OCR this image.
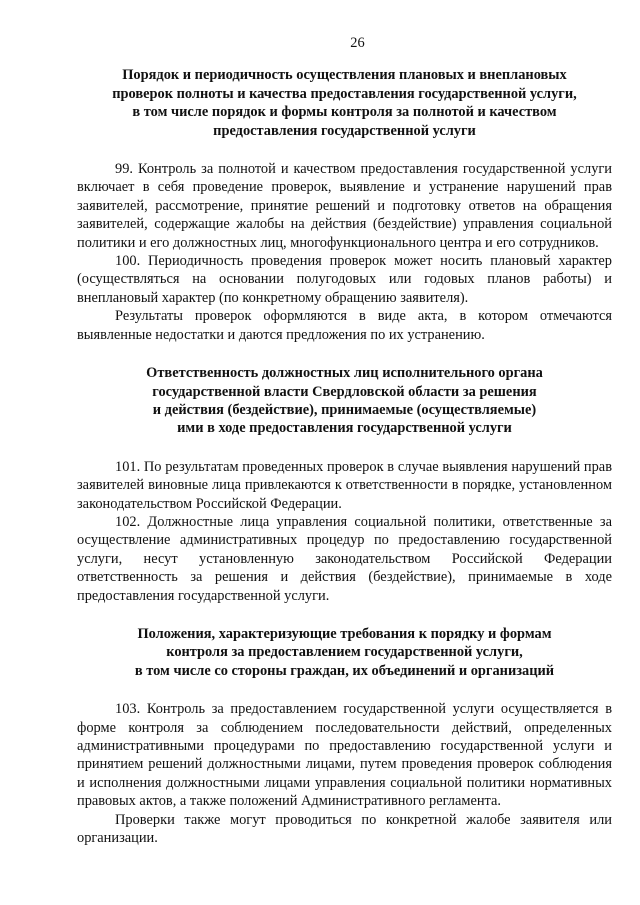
26
Порядок и периодичность осуществления плановых и внеплановых
проверок полноты и качества предоставления государственной услуги,
в том числе порядок и формы контроля за полнотой и качеством
предоставления государственной услуги

99. Контроль за полнотой и качеством предоставления государственной услуги включает в себя проведение проверок, выявление и устранение нарушений прав заявителей, рассмотрение, принятие решений и подготовку ответов на обращения заявителей, содержащие жалобы на действия (бездействие) управления социальной политики и его должностных лиц, многофункционального центра и его сотрудников.

100. Периодичность проведения проверок может носить плановый характер (осуществляться на основании полугодовых или годовых планов работы) и внеплановый характер (по конкретному обращению заявителя).

Результаты проверок оформляются в виде акта, в котором отмечаются выявленные недостатки и даются предложения по их устранению.

Ответственность должностных лиц исполнительного органа
государственной власти Свердловской области за решения
и действия (бездействие), принимаемые (осуществляемые)
ими в ходе предоставления государственной услуги

101. По результатам проведенных проверок в случае выявления нарушений прав заявителей виновные лица привлекаются к ответственности в порядке, установленном законодательством Российской Федерации.

102. Должностные лица управления социальной политики, ответственные за осуществление административных процедур по предоставлению государственной услуги, несут установленную законодательством Российской Федерации ответственность за решения и действия (бездействие), принимаемые в ходе предоставления государственной услуги.

Положения, характеризующие требования к порядку и формам
контроля за предоставлением государственной услуги,
в том числе со стороны граждан, их объединений и организаций

103. Контроль за предоставлением государственной услуги осуществляется в форме контроля за соблюдением последовательности действий, определенных административными процедурами по предоставлению государственной услуги и принятием решений должностными лицами, путем проведения проверок соблюдения и исполнения должностными лицами управления социальной политики нормативных правовых актов, а также положений Административного регламента.

Проверки также могут проводиться по конкретной жалобе заявителя или организации.
